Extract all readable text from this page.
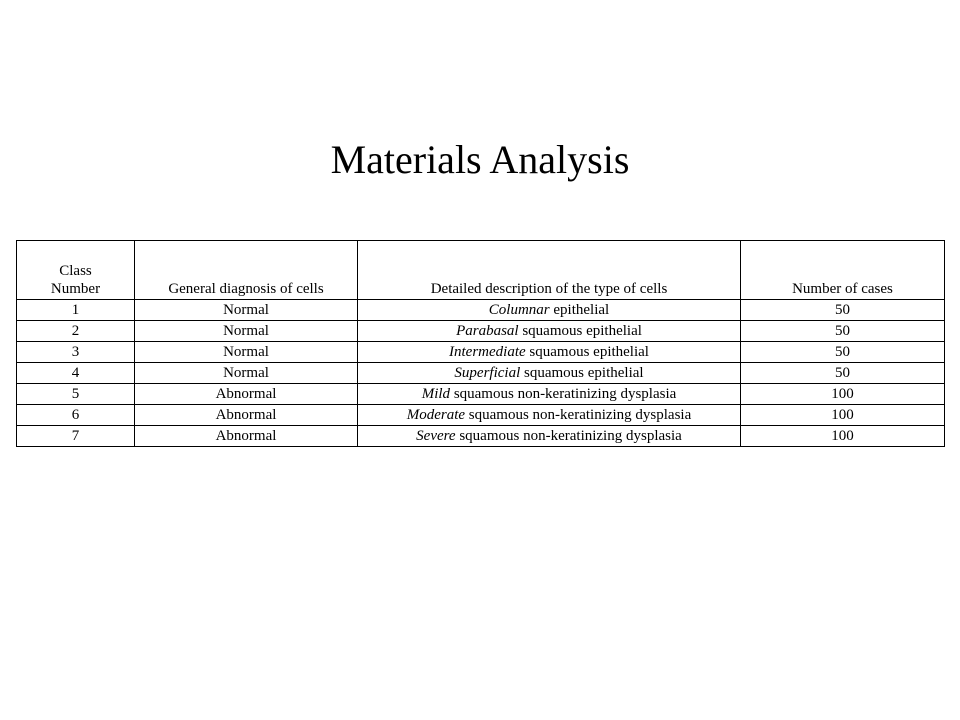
Materials Analysis
Class Number	General diagnosis of cells	Detailed description of the type of cells	Number of cases
1	Normal	Columnar epithelial	50
2	Normal	Parabasal squamous epithelial	50
3	Normal	Intermediate squamous epithelial	50
4	Normal	Superficial squamous epithelial	50
5	Abnormal	Mild squamous non-keratinizing dysplasia	100
6	Abnormal	Moderate squamous non-keratinizing dysplasia	100
7	Abnormal	Severe squamous non-keratinizing dysplasia	100
